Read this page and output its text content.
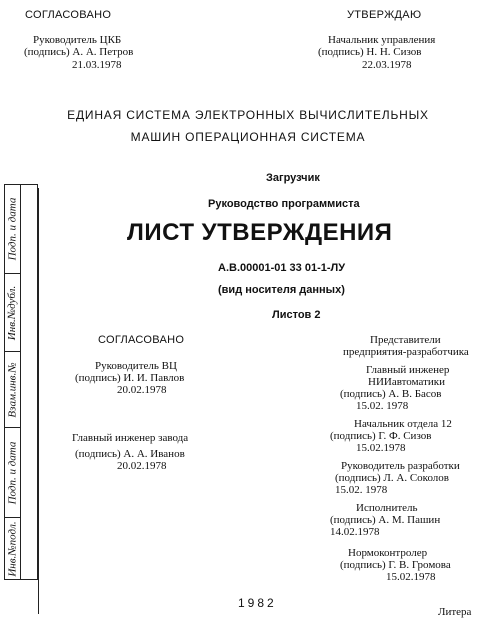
СОГЛАСОВАНО
Руководитель ЦКБ
(подпись) А. А. Петров
21.03.1978
УТВЕРЖДАЮ
Начальник управления
(подпись) Н. Н. Сизов
22.03.1978
ЕДИНАЯ СИСТЕМА ЭЛЕКТРОННЫХ ВЫЧИСЛИТЕЛЬНЫХ
МАШИН ОПЕРАЦИОННАЯ СИСТЕМА
Загрузчик
Руководство программиста
ЛИСТ УТВЕРЖДЕНИЯ
А.В.00001-01 33 01-1-ЛУ
(вид носителя данных)
Листов 2
СОГЛАСОВАНО
Руководитель ВЦ
(подпись) И. И. Павлов
20.02.1978
Главный инженер завода
(подпись) А. А. Иванов
20.02.1978
Представители
предприятия-разработчика
Главный инженер
НИИавтоматики
(подпись) А. В. Басов
15.02. 1978
Начальник отдела 12
(подпись) Г. Ф. Сизов
15.02.1978
Руководитель разработки
(подпись) Л. А. Соколов
15.02. 1978
Исполнитель
(подпись) А. М. Пашин
14.02.1978
Нормоконтролер
(подпись) Г. В. Громова
15.02.1978
1982
Литера
Инв.№подл.
Подп. и дата
Взам.инв.№
Инв.№дубл.
Подп. и дата
